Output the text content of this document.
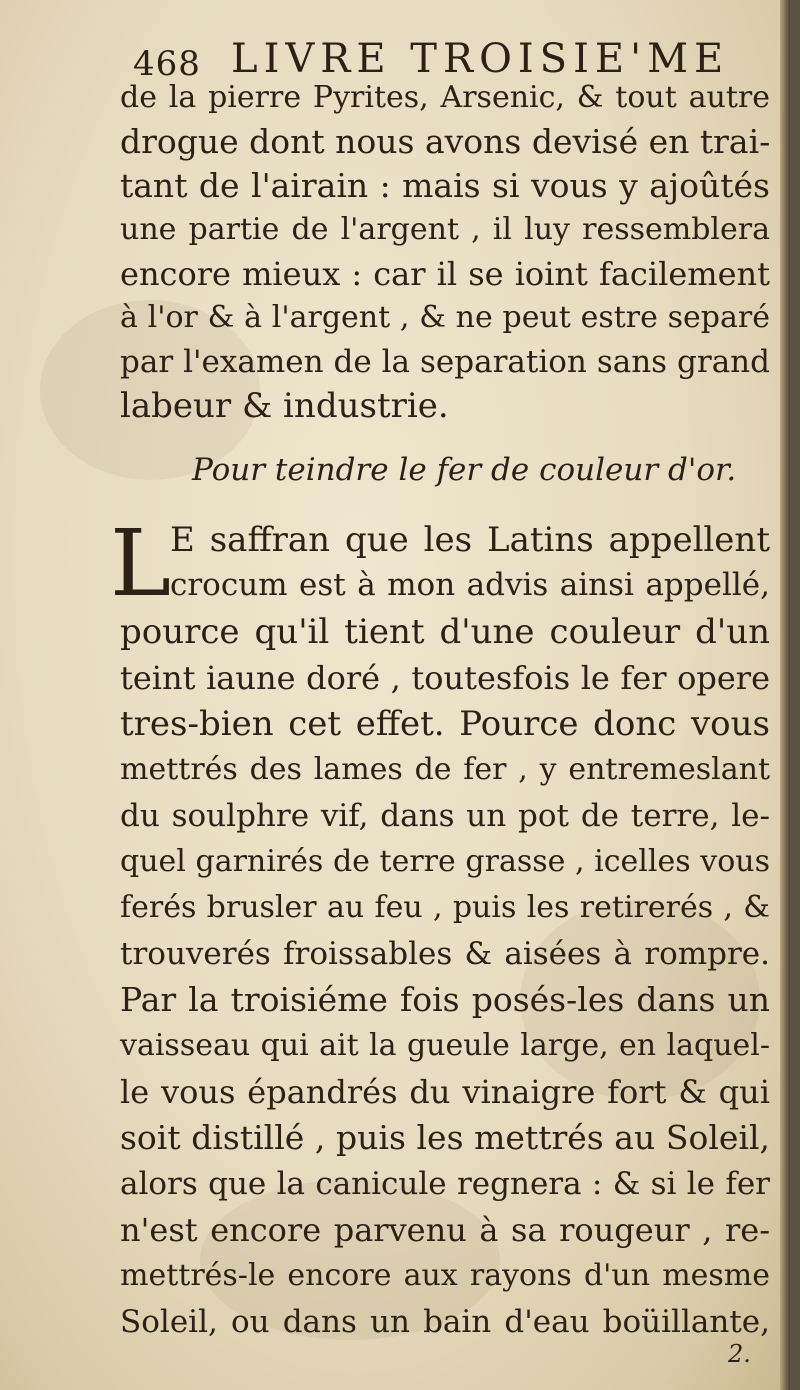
468 LIVRE TROISIE'ME
de la pierre Pyrites, Arsenic, & tout autre
drogue dont nous avons devisé en trai-
tant de l'airain : mais si vous y ajoûtés
une partie de l'argent , il luy ressemblera
encore mieux : car il se ioint facilement
à l'or & à l'argent , & ne peut estre separé
par l'examen de la separation sans grand
labeur & industrie.
Pour teindre le fer de couleur d'or.
L
E saffran que les Latins appellent
crocum est à mon advis ainsi appellé,
pource qu'il tient d'une couleur d'un
teint iaune doré , toutesfois le fer opere
tres-bien cet effet. Pource donc vous
mettrés des lames de fer , y entremeslant
du soulphre vif, dans un pot de terre, le-
quel garnirés de terre grasse , icelles vous
ferés brusler au feu , puis les retirerés , &
trouverés froissables & aisées à rompre.
Par la troisiéme fois posés-les dans un
vaisseau qui ait la gueule large, en laquel-
le vous épandrés du vinaigre fort & qui
soit distillé , puis les mettrés au Soleil,
alors que la canicule regnera : & si le fer
n'est encore parvenu à sa rougeur , re-
mettrés-le encore aux rayons d'un mesme
Soleil, ou dans un bain d'eau boüillante,
2.
